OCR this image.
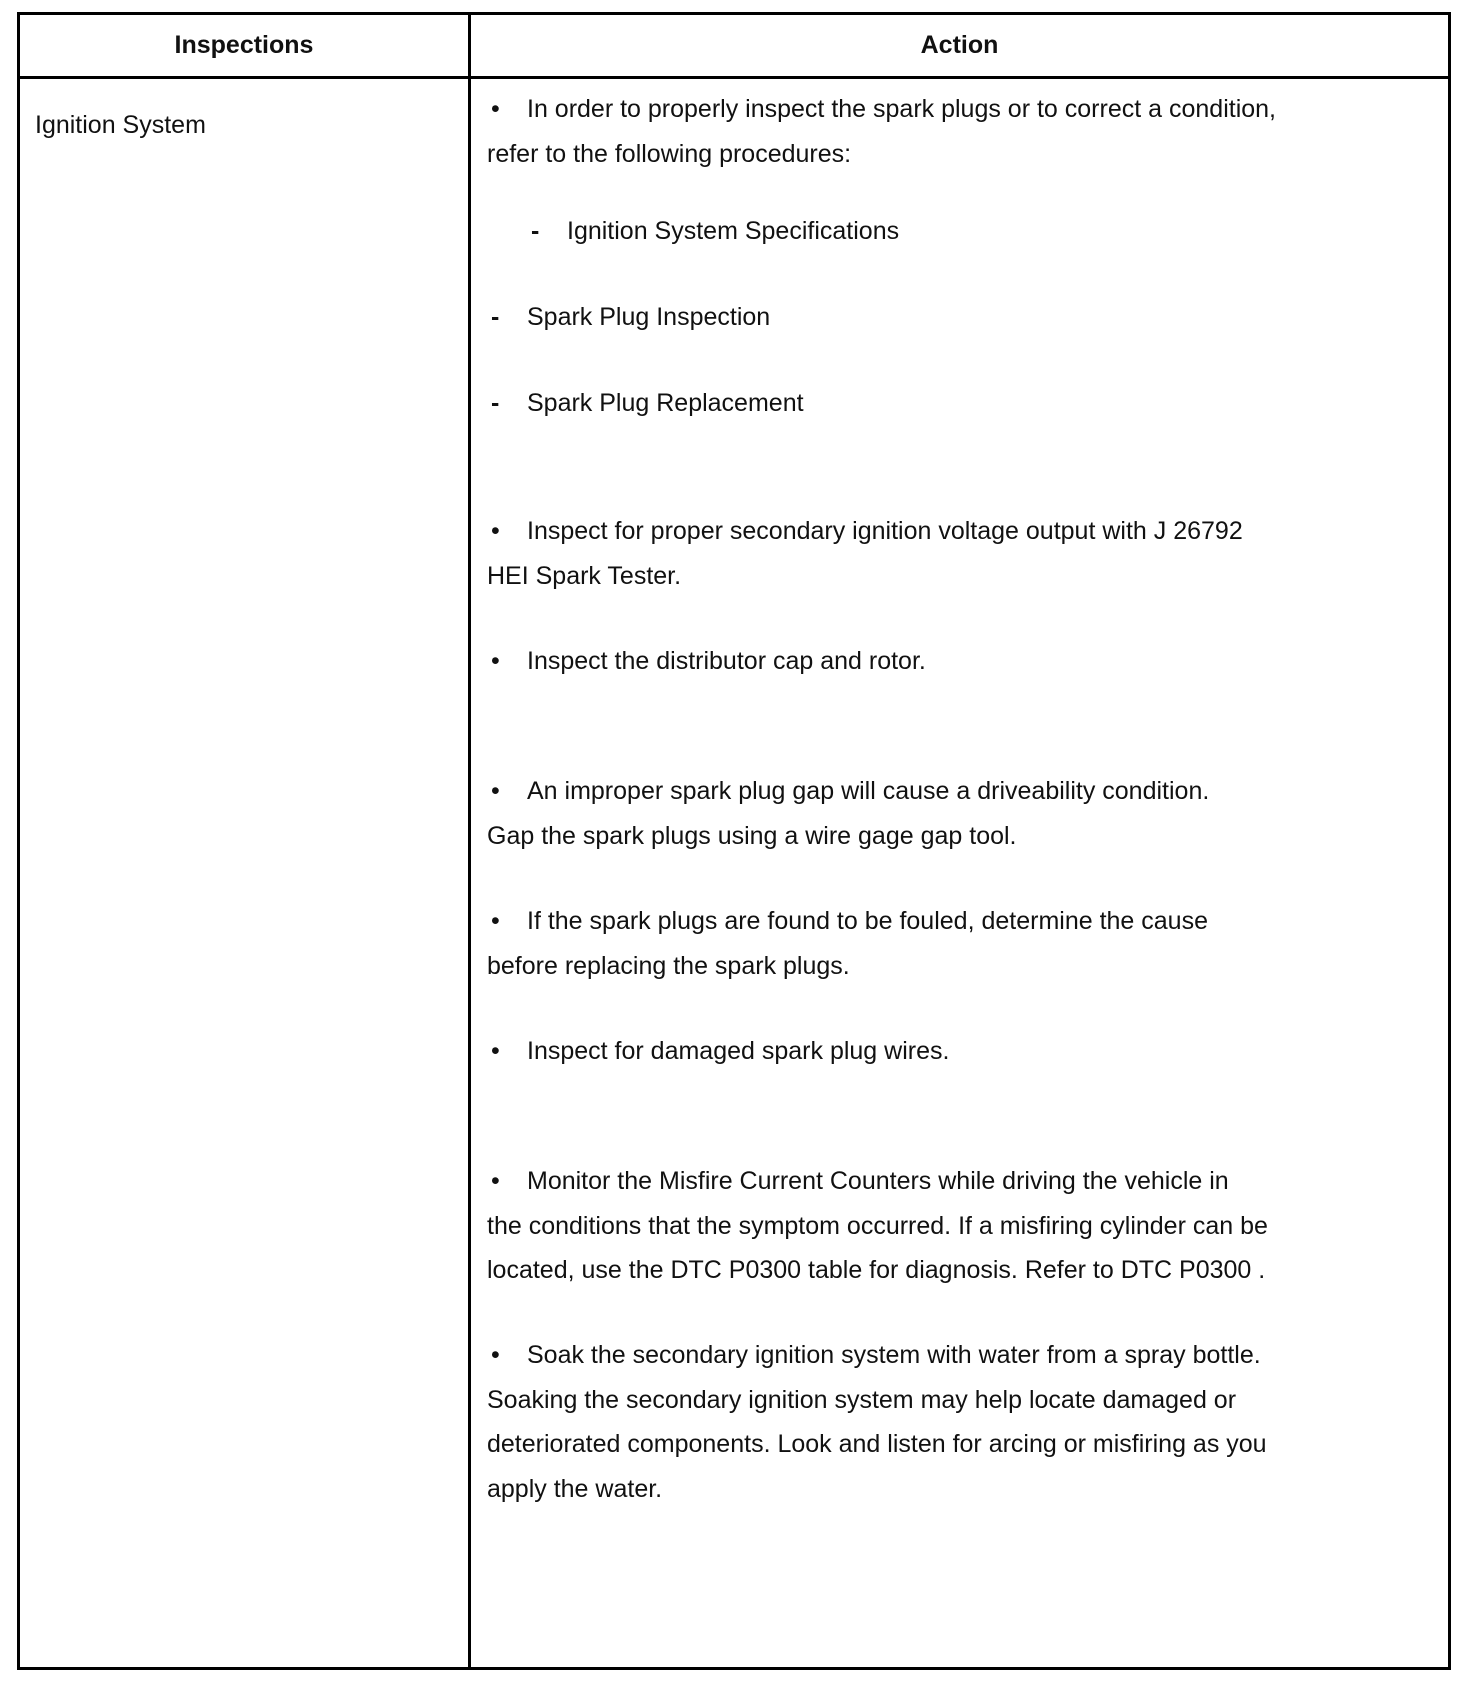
Inspections	Action
Ignition System
• In order to properly inspect the spark plugs or to correct a condition,
refer to the following procedures:
- Ignition System Specifications
- Spark Plug Inspection
- Spark Plug Replacement
• Inspect for proper secondary ignition voltage output with J 26792
HEI Spark Tester.
• Inspect the distributor cap and rotor.
• An improper spark plug gap will cause a driveability condition.
Gap the spark plugs using a wire gage gap tool.
• If the spark plugs are found to be fouled, determine the cause
before replacing the spark plugs.
• Inspect for damaged spark plug wires.
• Monitor the Misfire Current Counters while driving the vehicle in
the conditions that the symptom occurred. If a misfiring cylinder can be
located, use the DTC P0300 table for diagnosis. Refer to DTC P0300 .
• Soak the secondary ignition system with water from a spray bottle.
Soaking the secondary ignition system may help locate damaged or
deteriorated components. Look and listen for arcing or misfiring as you
apply the water.
